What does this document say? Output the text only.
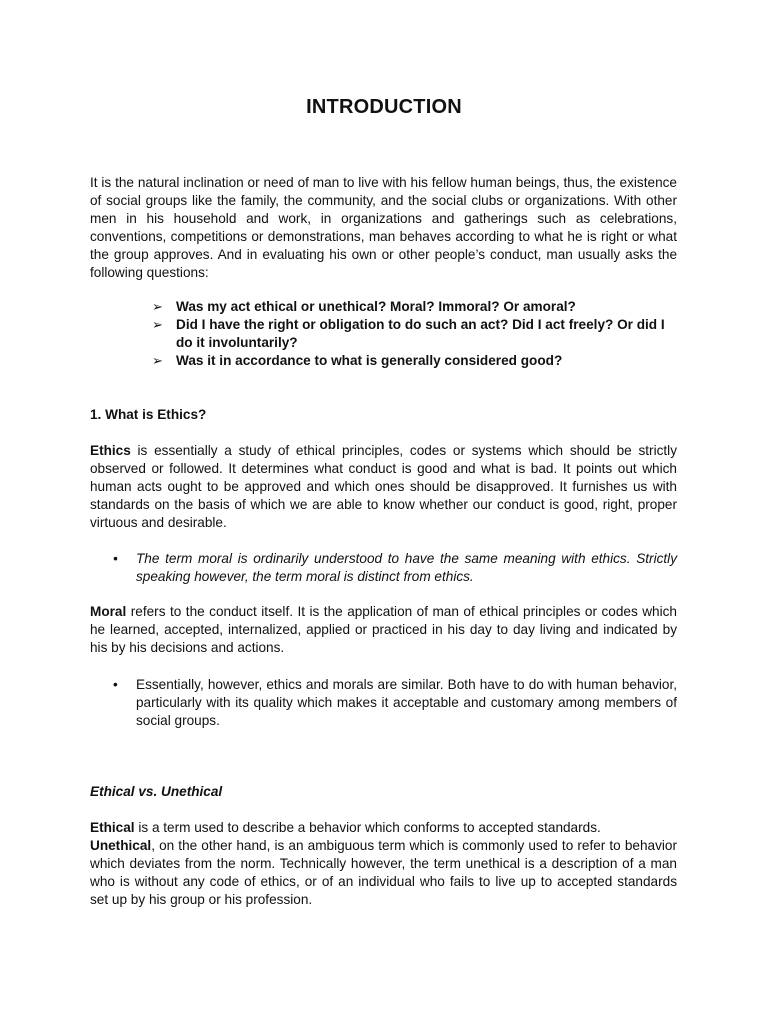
INTRODUCTION
It is the natural inclination or need of man to live with his fellow human beings, thus, the existence of social groups like the family, the community, and the social clubs or organizations. With other men in his household and work, in organizations and gatherings such as celebrations, conventions, competitions or demonstrations, man behaves according to what he is right or what the group approves. And in evaluating his own or other people’s conduct, man usually asks the following questions:
➢ Was my act ethical or unethical? Moral? Immoral? Or amoral?
➢ Did I have the right or obligation to do such an act? Did I act freely? Or did I do it involuntarily?
➢ Was it in accordance to what is generally considered good?
1. What is Ethics?
Ethics is essentially a study of ethical principles, codes or systems which should be strictly observed or followed. It determines what conduct is good and what is bad. It points out which human acts ought to be approved and which ones should be disapproved. It furnishes us with standards on the basis of which we are able to know whether our conduct is good, right, proper virtuous and desirable.
• The term moral is ordinarily understood to have the same meaning with ethics. Strictly speaking however, the term moral is distinct from ethics.
Moral refers to the conduct itself. It is the application of man of ethical principles or codes which he learned, accepted, internalized, applied or practiced in his day to day living and indicated by his by his decisions and actions.
• Essentially, however, ethics and morals are similar. Both have to do with human behavior, particularly with its quality which makes it acceptable and customary among members of social groups.
Ethical vs. Unethical
Ethical is a term used to describe a behavior which conforms to accepted standards.
Unethical, on the other hand, is an ambiguous term which is commonly used to refer to behavior which deviates from the norm. Technically however, the term unethical is a description of a man who is without any code of ethics, or of an individual who fails to live up to accepted standards set up by his group or his profession.
